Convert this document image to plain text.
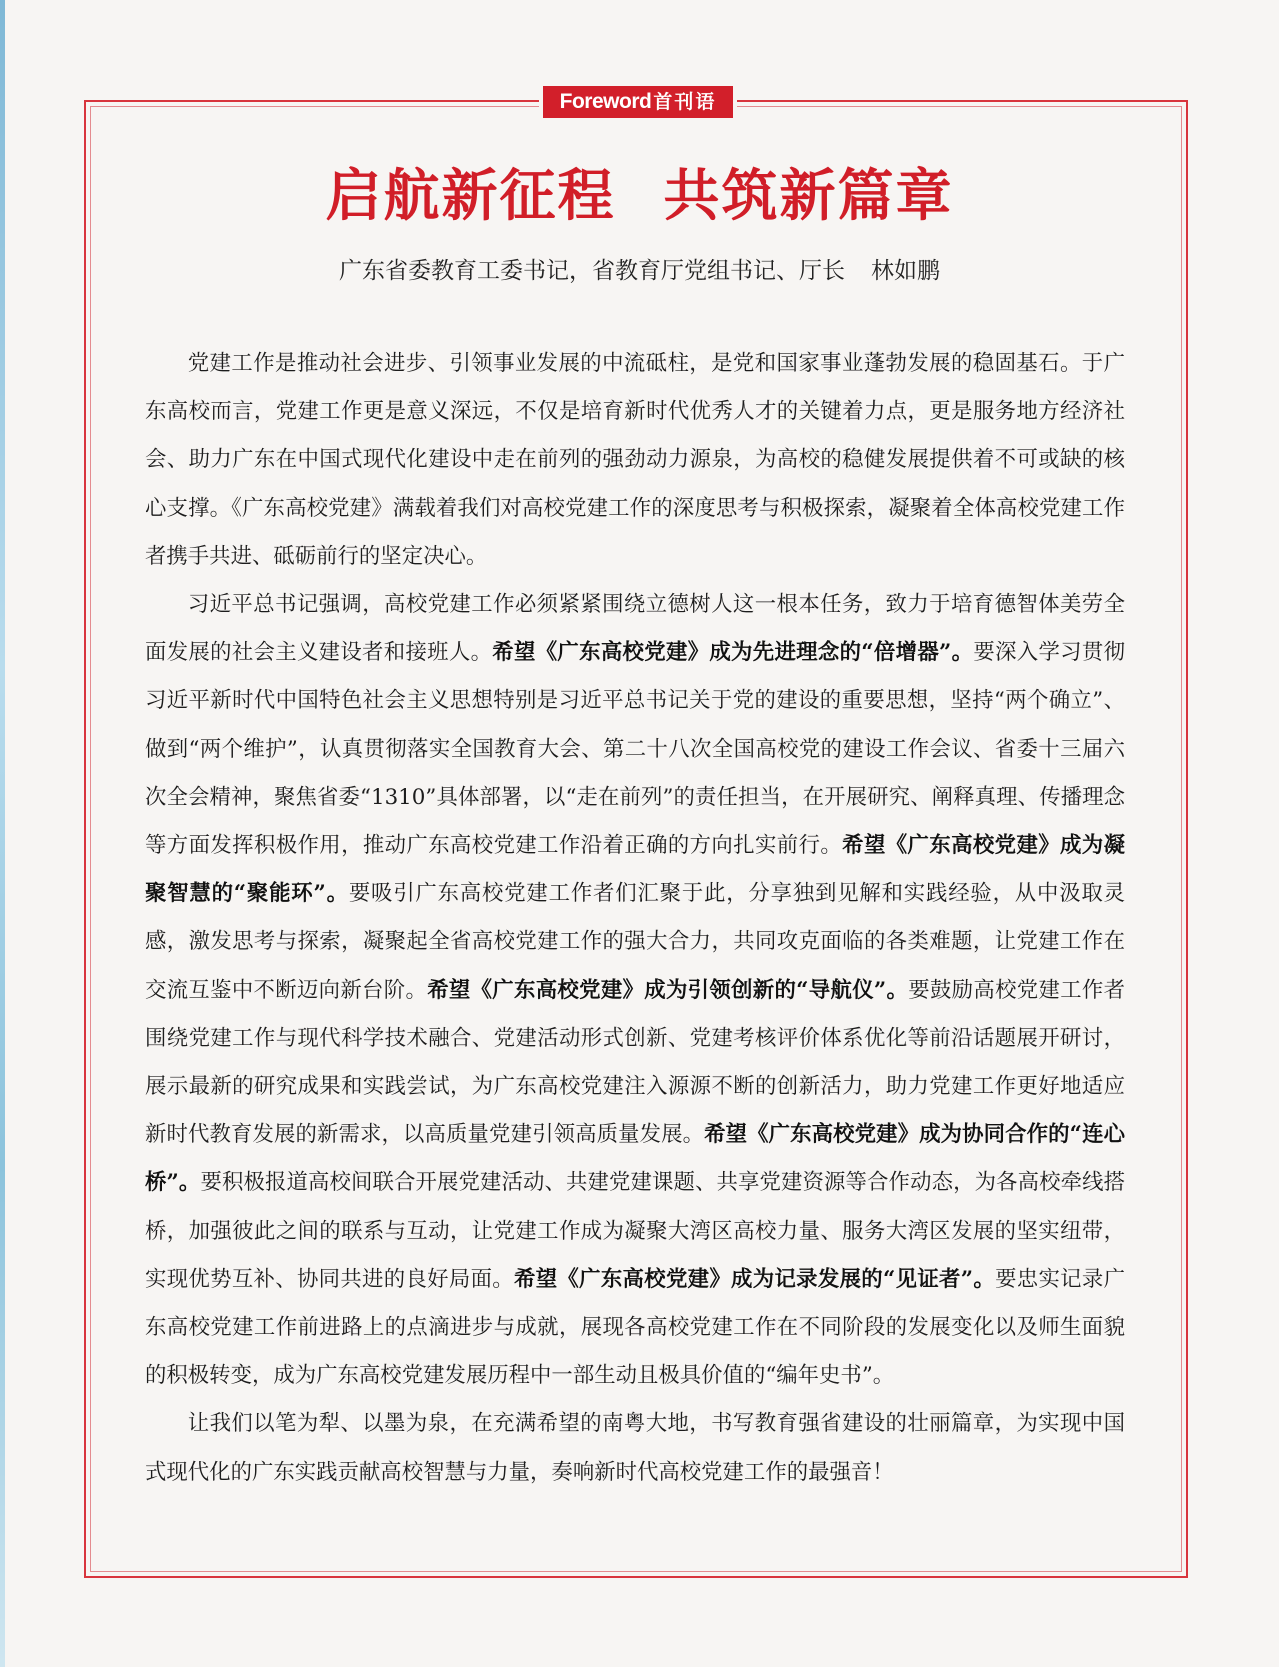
Foreword 首刊语
启航新征程 共筑新篇章
广东省委教育工委书记，省教育厅党组书记、厅长 林如鹏

党建工作是推动社会进步、引领事业发展的中流砥柱，是党和国家事业蓬勃发展的稳固基石。于广东高校而言，党建工作更是意义深远，不仅是培育新时代优秀人才的关键着力点，更是服务地方经济社会、助力广东在中国式现代化建设中走在前列的强劲动力源泉，为高校的稳健发展提供着不可或缺的核心支撑。《广东高校党建》满载着我们对高校党建工作的深度思考与积极探索，凝聚着全体高校党建工作者携手共进、砥砺前行的坚定决心。

习近平总书记强调，高校党建工作必须紧紧围绕立德树人这一根本任务，致力于培育德智体美劳全面发展的社会主义建设者和接班人。希望《广东高校党建》成为先进理念的“倍增器”。要深入学习贯彻习近平新时代中国特色社会主义思想特别是习近平总书记关于党的建设的重要思想，坚持“两个确立”、做到“两个维护”，认真贯彻落实全国教育大会、第二十八次全国高校党的建设工作会议、省委十三届六次全会精神，聚焦省委“1310”具体部署，以“走在前列”的责任担当，在开展研究、阐释真理、传播理念等方面发挥积极作用，推动广东高校党建工作沿着正确的方向扎实前行。希望《广东高校党建》成为凝聚智慧的“聚能环”。要吸引广东高校党建工作者们汇聚于此，分享独到见解和实践经验，从中汲取灵感，激发思考与探索，凝聚起全省高校党建工作的强大合力，共同攻克面临的各类难题，让党建工作在交流互鉴中不断迈向新台阶。希望《广东高校党建》成为引领创新的“导航仪”。要鼓励高校党建工作者围绕党建工作与现代科学技术融合、党建活动形式创新、党建考核评价体系优化等前沿话题展开研讨，展示最新的研究成果和实践尝试，为广东高校党建注入源源不断的创新活力，助力党建工作更好地适应新时代教育发展的新需求，以高质量党建引领高质量发展。希望《广东高校党建》成为协同合作的“连心桥”。要积极报道高校间联合开展党建活动、共建党建课题、共享党建资源等合作动态，为各高校牵线搭桥，加强彼此之间的联系与互动，让党建工作成为凝聚大湾区高校力量、服务大湾区发展的坚实纽带，实现优势互补、协同共进的良好局面。希望《广东高校党建》成为记录发展的“见证者”。要忠实记录广东高校党建工作前进路上的点滴进步与成就，展现各高校党建工作在不同阶段的发展变化以及师生面貌的积极转变，成为广东高校党建发展历程中一部生动且极具价值的“编年史书”。

让我们以笔为犁、以墨为泉，在充满希望的南粤大地，书写教育强省建设的壮丽篇章，为实现中国式现代化的广东实践贡献高校智慧与力量，奏响新时代高校党建工作的最强音！
